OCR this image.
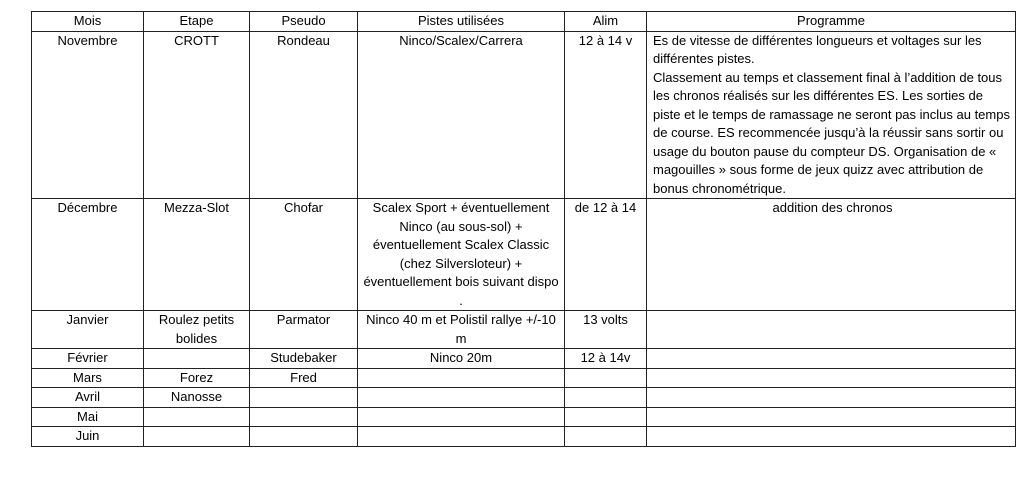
Mois	Etape	Pseudo	Pistes utilisées	Alim	Programme
Novembre	CROTT	Rondeau	Ninco/Scalex/Carrera	12 à 14 v	Es de vitesse de différentes longueurs et voltages sur les différentes pistes.
Classement au temps et classement final à l’addition de tous les chronos réalisés sur les différentes ES. Les sorties de piste et le temps de ramassage ne seront pas inclus au temps de course. ES recommencée jusqu’à la réussir sans sortir ou usage du bouton pause du compteur DS. Organisation de « magouilles » sous forme de jeux quizz avec attribution de bonus chronométrique.

Décembre	Mezza-Slot	Chofar	Scalex Sport + éventuellement Ninco (au sous-sol) + éventuellement Scalex Classic (chez Silversloteur) + éventuellement bois suivant dispo .	de 12 à 14	addition des chronos
Janvier	Roulez petits bolides	Parmator	Ninco 40 m et Polistil rallye +/-10 m	13 volts	
Février		Studebaker	Ninco 20m	12 à 14v	
Mars	Forez	Fred			
Avril	Nanosse				
Mai					
Juin					
